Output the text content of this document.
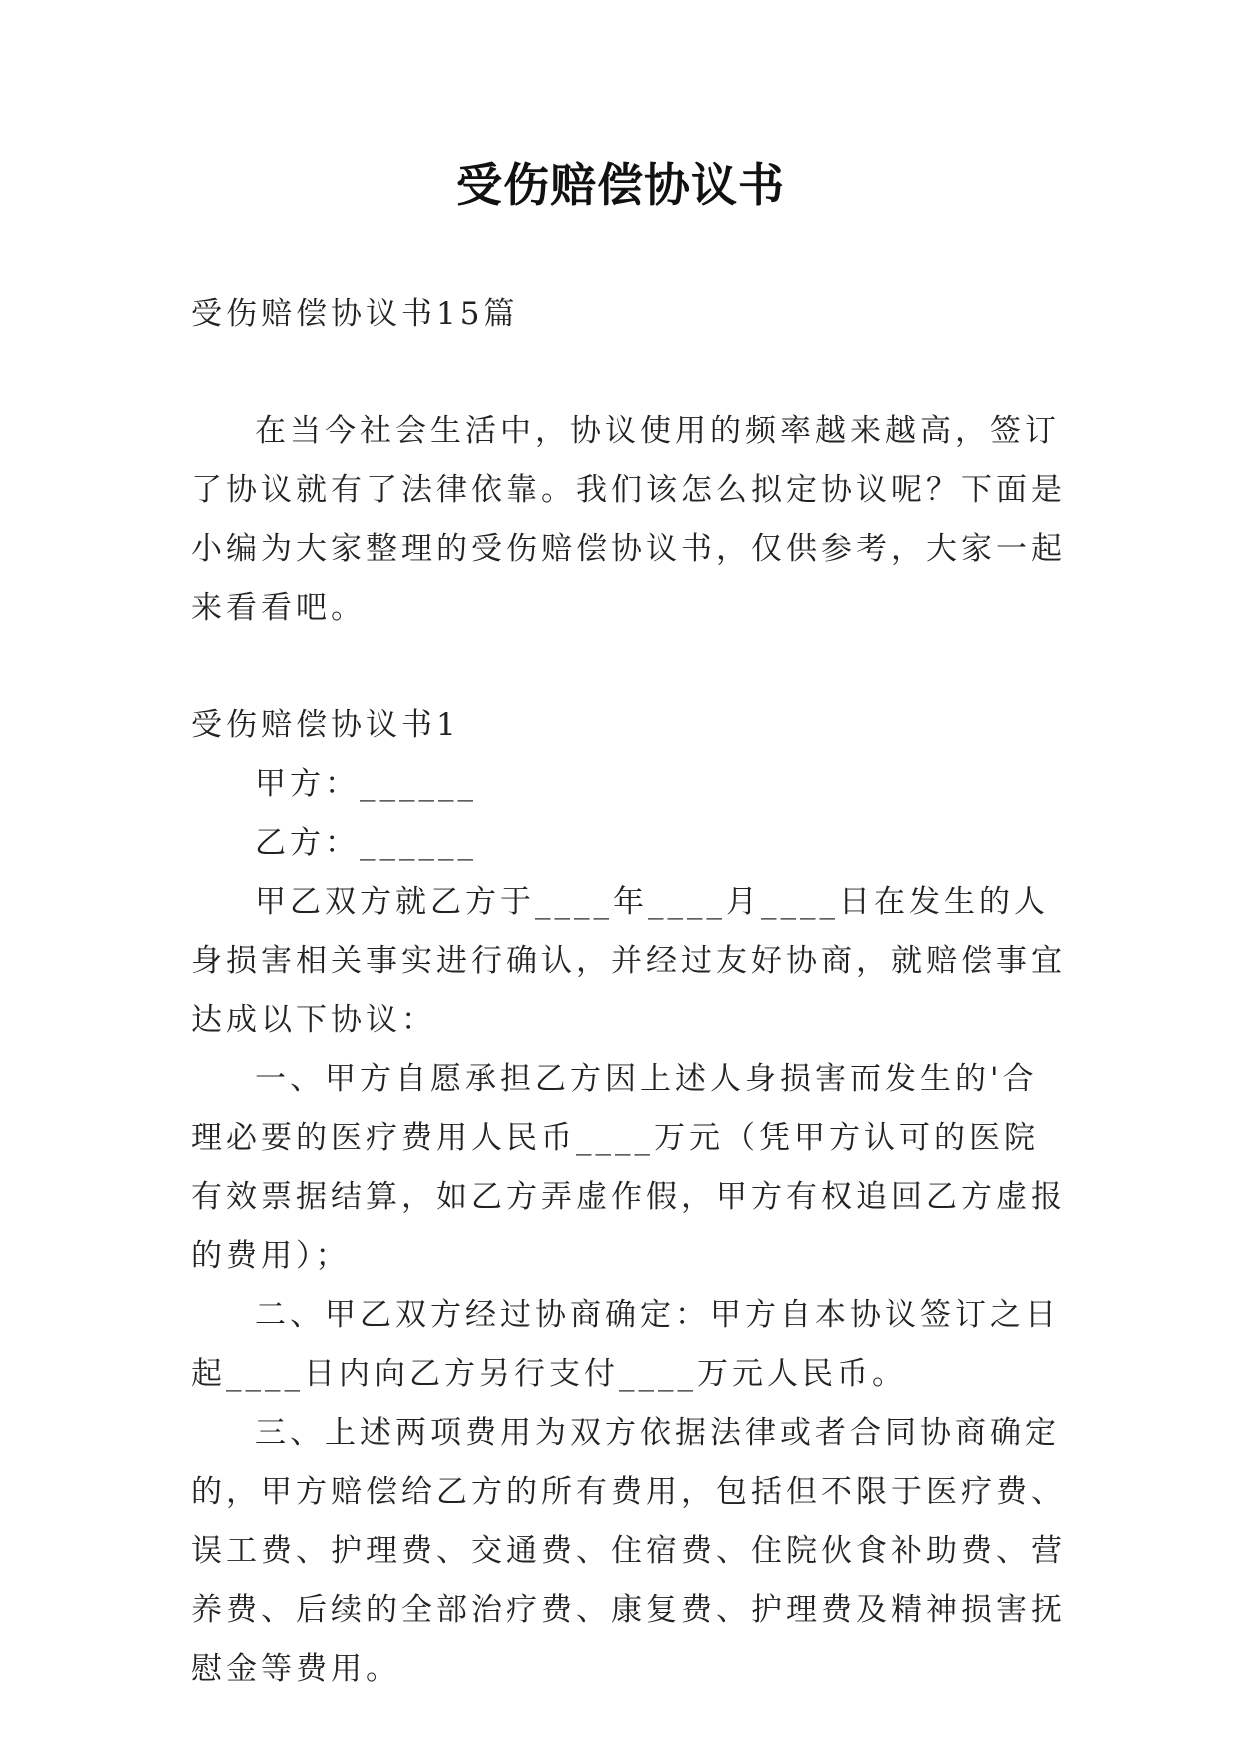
受伤赔偿协议书

受伤赔偿协议书15篇

在当今社会生活中，协议使用的频率越来越高，签订了协议就有了法律依靠。我们该怎么拟定协议呢？下面是小编为大家整理的受伤赔偿协议书，仅供参考，大家一起来看看吧。

受伤赔偿协议书1

甲方：______

乙方：______

甲乙双方就乙方于____年____月____日在发生的人身损害相关事实进行确认，并经过友好协商，就赔偿事宜达成以下协议：

一、甲方自愿承担乙方因上述人身损害而发生的'合理必要的医疗费用人民币____万元（凭甲方认可的医院有效票据结算，如乙方弄虚作假，甲方有权追回乙方虚报的费用）；

二、甲乙双方经过协商确定：甲方自本协议签订之日起____日内向乙方另行支付____万元人民币。

三、上述两项费用为双方依据法律或者合同协商确定的，甲方赔偿给乙方的所有费用，包括但不限于医疗费、误工费、护理费、交通费、住宿费、住院伙食补助费、营养费、后续的全部治疗费、康复费、护理费及精神损害抚慰金等费用。
